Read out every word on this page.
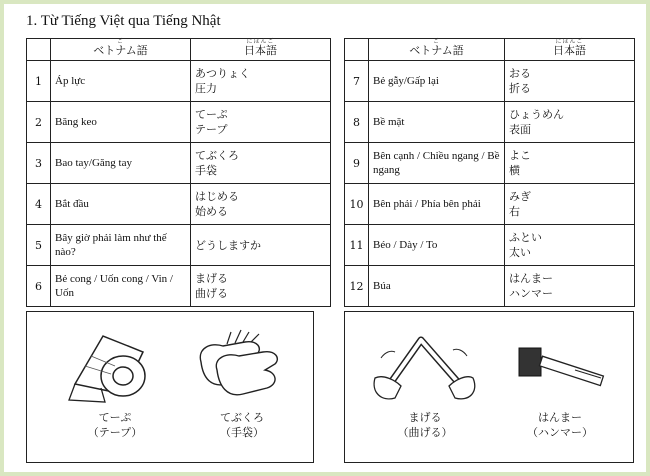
1. Từ Tiếng Việt qua Tiếng Nhật

	ご
ベトナム語	にほんご
日本語
1	Áp lực	あつりょく
圧力

2	Băng keo	てーぷ
テープ

3	Bao tay/Găng tay	てぶくろ
手袋

4	Bắt đầu	はじめる
始める

5	Bây giờ phải làm như thế nào?	どうしますか

6	Bẻ cong / Uốn cong / Vin / Uốn	まげる
曲げる

	ご
ベトナム語	にほんご
日本語
7	Bẻ gẫy/Gấp lại	おる
折る

8	Bề mặt	ひょうめん
表面

9	Bên cạnh / Chiều ngang / Bề ngang	よこ
横

10	Bên phải / Phía bên phải	みぎ
右

11	Béo / Dày / To	ふとい
太い

12	Búa	はんまー
ハンマー
てーぷ
（テープ）
てぶくろ
（手袋）
まげる
（曲げる）
はんまー
（ハンマー）
